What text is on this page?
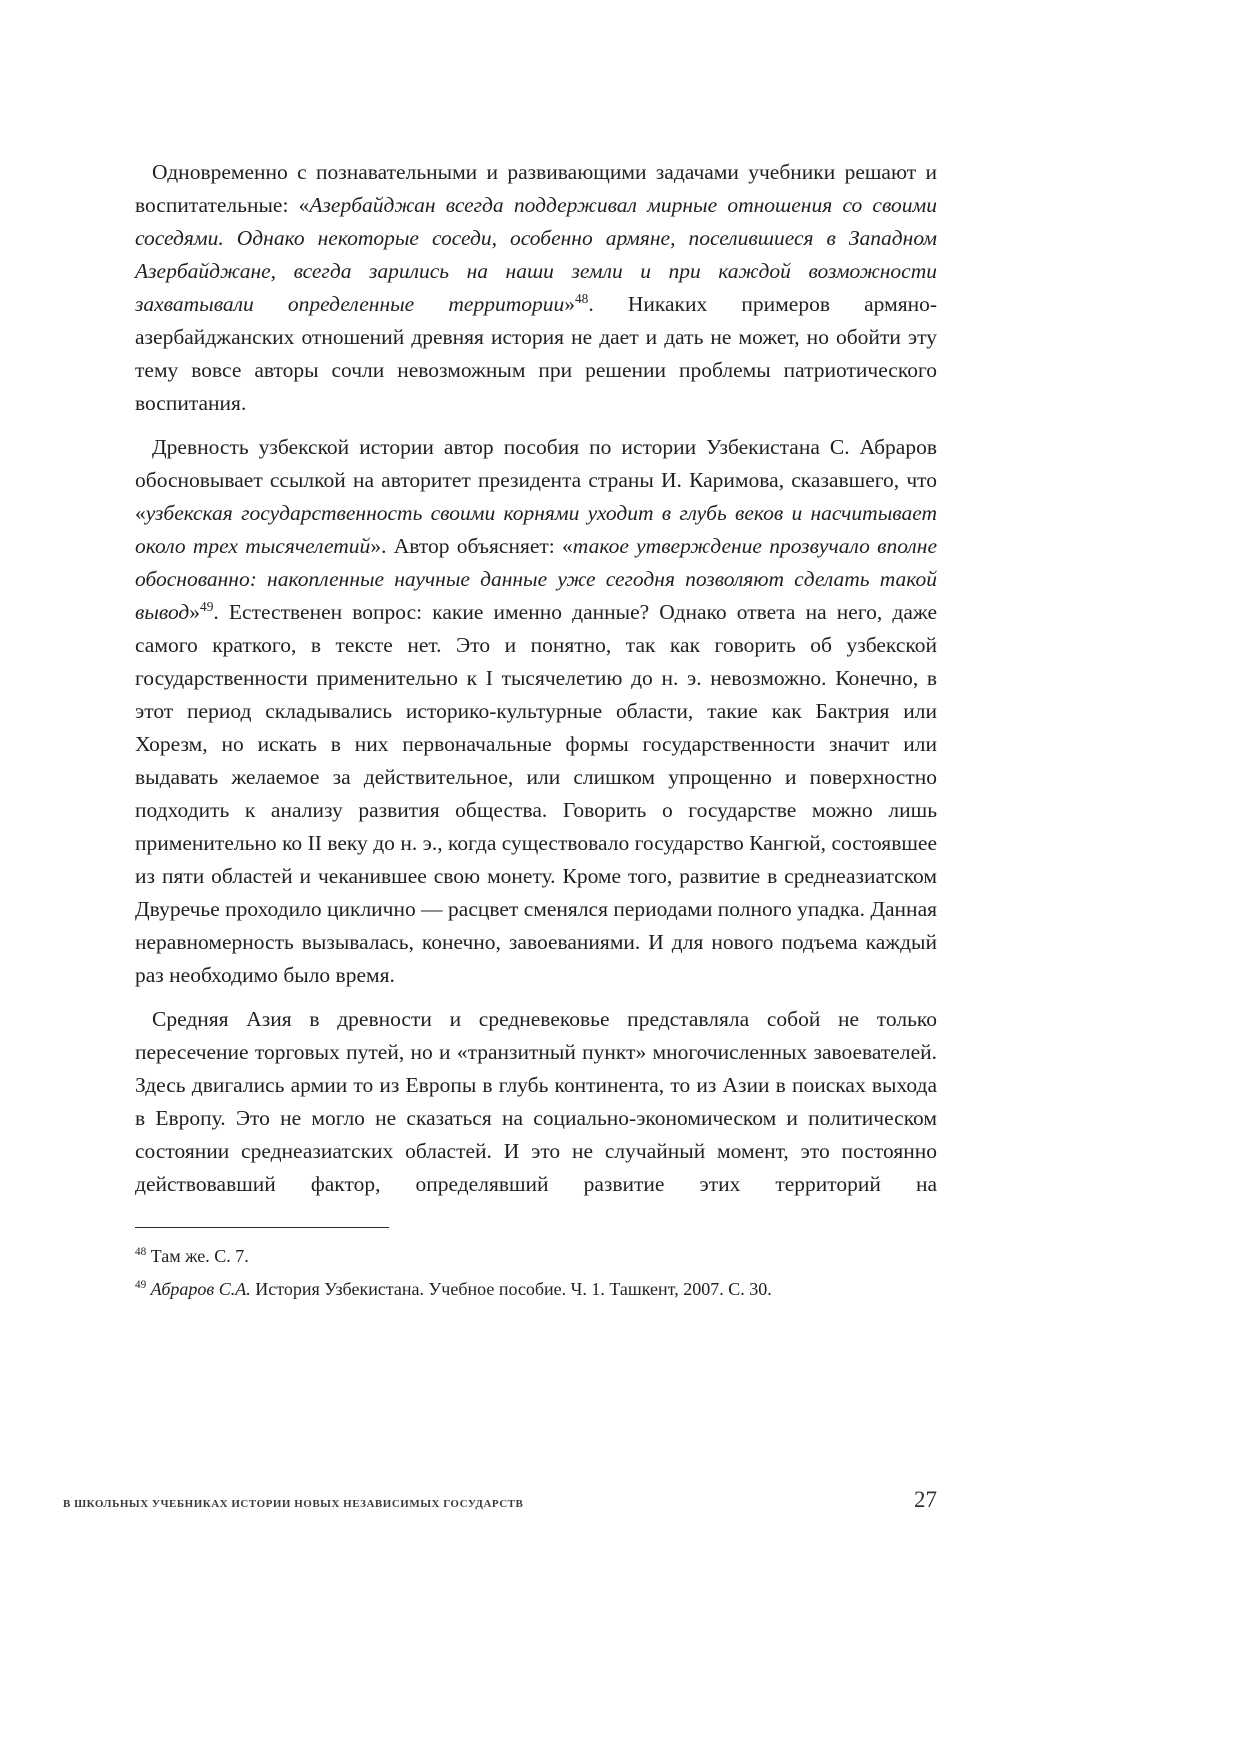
Одновременно с познавательными и развивающими задачами учебники решают и воспитательные: «Азербайджан всегда поддерживал мирные отношения со своими соседями. Однако некоторые соседи, особенно армяне, поселившиеся в Западном Азербайджане, всегда зарились на наши земли и при каждой возможности захватывали определенные территории»$^{48}$. Никаких примеров армяно-азербайджанских отношений древняя история не дает и дать не может, но обойти эту тему вовсе авторы сочли невозможным при решении проблемы патриотического воспитания.

Древность узбекской истории автор пособия по истории Узбекистана С. Абраров обосновывает ссылкой на авторитет президента страны И. Каримова, сказавшего, что «узбекская государственность своими корнями уходит в глубь веков и насчитывает около трех тысячелетий». Автор объясняет: «такое утверждение прозвучало вполне обоснованно: накопленные научные данные уже сегодня позволяют сделать такой вывод»$^{49}$. Естественен вопрос: какие именно данные? Однако ответа на него, даже самого краткого, в тексте нет. Это и понятно, так как говорить об узбекской государственности применительно к I тысячелетию до н. э. невозможно. Конечно, в этот период складывались историко-культурные области, такие как Бактрия или Хорезм, но искать в них первоначальные формы государственности значит или выдавать желаемое за действительное, или слишком упрощенно и поверхностно подходить к анализу развития общества. Говорить о государстве можно лишь применительно ко II веку до н. э., когда существовало государство Кангюй, состоявшее из пяти областей и чеканившее свою монету. Кроме того, развитие в среднеазиатском Двуречье проходило циклично — расцвет сменялся периодами полного упадка. Данная неравномерность вызывалась, конечно, завоеваниями. И для нового подъема каждый раз необходимо было время.

Средняя Азия в древности и средневековье представляла собой не только пересечение торговых путей, но и «транзитный пункт» многочисленных завоевателей. Здесь двигались армии то из Европы в глубь континента, то из Азии в поисках выхода в Европу. Это не могло не сказаться на социально-экономическом и политическом состоянии среднеазиатских областей. И это не случайный момент, это постоянно действовавший фактор, определявший развитие этих территорий на

$^{48}$ Там же. С. 7.

$^{49}$ Абраров С.А. История Узбекистана. Учебное пособие. Ч. 1. Ташкент, 2007. С. 30.

В ШКОЛЬНЫХ УЧЕБНИКАХ ИСТОРИИ НОВЫХ НЕЗАВИСИМЫХ ГОСУДАРСТВ	27
